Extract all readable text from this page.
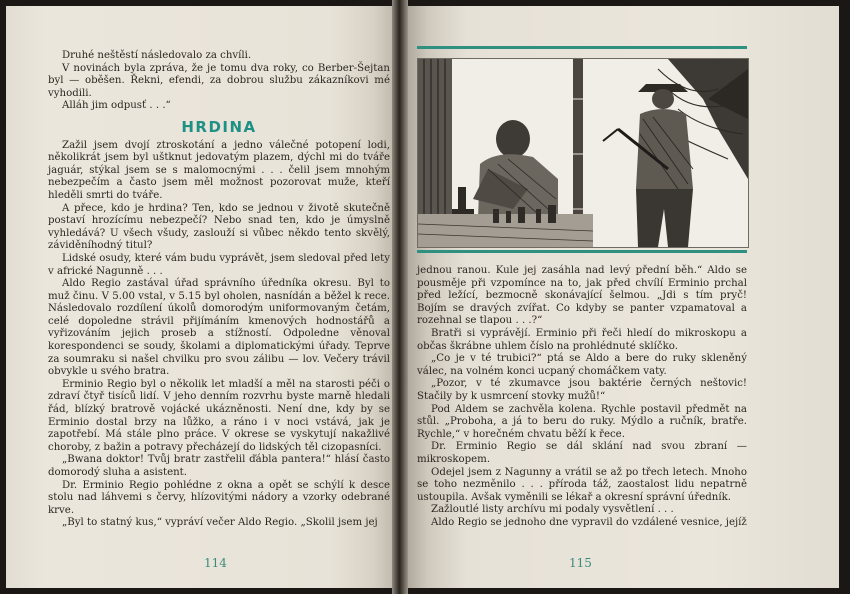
Druhé neštěstí následovalo za chvíli.

V novinách byla zpráva, že je tomu dva roky, co Berber-Šejtan byl — oběšen. Řekni, efendi, za dobrou službu zákazníkovi mé vyhodili.

Alláh jim odpusť . . .“

HRDINA

Zažil jsem dvojí ztroskotání a jedno válečné potopení lodi, několikrát jsem byl uštknut jedovatým plazem, dýchl mi do tváře jaguár, stýkal jsem se s malomocnými . . . čelil jsem mnohým nebezpečím a často jsem měl možnost pozorovat muže, kteří hleděli smrti do tváře.

A přece, kdo je hrdina? Ten, kdo se jednou v životě skutečně postaví hrozícímu nebezpečí? Nebo snad ten, kdo je úmyslně vyhledává? U všech všudy, zaslouží si vůbec někdo tento skvělý, záviděníhodný titul?

Lidské osudy, které vám budu vyprávět, jsem sledoval před lety v africké Nagunně . . .

Aldo Regio zastával úřad správního úředníka okresu. Byl to muž činu. V 5.00 vstal, v 5.15 byl oholen, nasnídán a běžel k rece. Následovalo rozdílení úkolů domorodým uniformovaným četám, celé dopoledne strávil přijímáním kmenových hodnostářů a vyřizováním jejich proseb a stížností. Odpoledne věnoval korespondenci se soudy, školami a diplomatickými úřady. Teprve za soumraku si našel chvilku pro svou zálibu — lov. Večery trávil obvykle u svého bratra.

Erminio Regio byl o několik let mladší a měl na starosti péči o zdraví čtyř tisíců lidí. V jeho denním rozvrhu byste marně hledali řád, blízký bratrově vojácké ukázněnosti. Není dne, kdy by se Erminio dostal brzy na lůžko, a ráno i v noci vstává, jak je zapotřebí. Má stále plno práce. V okrese se vyskytují nakažlivé choroby, z bažin a potravy přecházejí do lidských těl cizopasníci.

„Bwana doktor! Tvůj bratr zastřelil ďábla pantera!“ hlásí často domorodý sluha a asistent.

Dr. Erminio Regio pohlédne z okna a opět se schýlí k desce stolu nad láhvemi s červy, hlízovitými nádory a vzorky odebrané krve.

„Byl to statný kus,“ vypráví večer Aldo Regio. „Skolil jsem jej

114

jednou ranou. Kule jej zasáhla nad levý přední běh.“ Aldo se pousměje při vzpomínce na to, jak před chvílí Erminio prchal před ležící, bezmocně skonávající šelmou. „Jdi s tím pryč! Bojím se dravých zvířat. Co kdyby se panter vzpamatoval a rozehnal se tlapou . . .?“

Bratři si vyprávějí. Erminio při řeči hledí do mikroskopu a občas škrábne uhlem číslo na prohlédnuté sklíčko.

„Co je v té trubici?“ ptá se Aldo a bere do ruky skleněný válec, na volném konci ucpaný chomáčkem vaty.

„Pozor, v té zkumavce jsou baktérie černých neštovic! Stačily by k usmrcení stovky mužů!“

Pod Aldem se zachvěla kolena. Rychle postavil předmět na stůl. „Proboha, a já to beru do ruky. Mýdlo a ručník, bratře. Rychle,“ v horečném chvatu běží k řece.

Dr. Erminio Regio se dál sklání nad svou zbraní — mikroskopem.

Odejel jsem z Nagunny a vrátil se až po třech letech. Mnoho se toho nezměnilo . . . příroda táž, zaostalost lidu nepatrně ustoupila. Avšak vyměnili se lékař a okresní správní úředník.

Zažloutlé listy archívu mi podaly vysvětlení . . .

Aldo Regio se jednoho dne vypravil do vzdálené vesnice, jejíž

115
